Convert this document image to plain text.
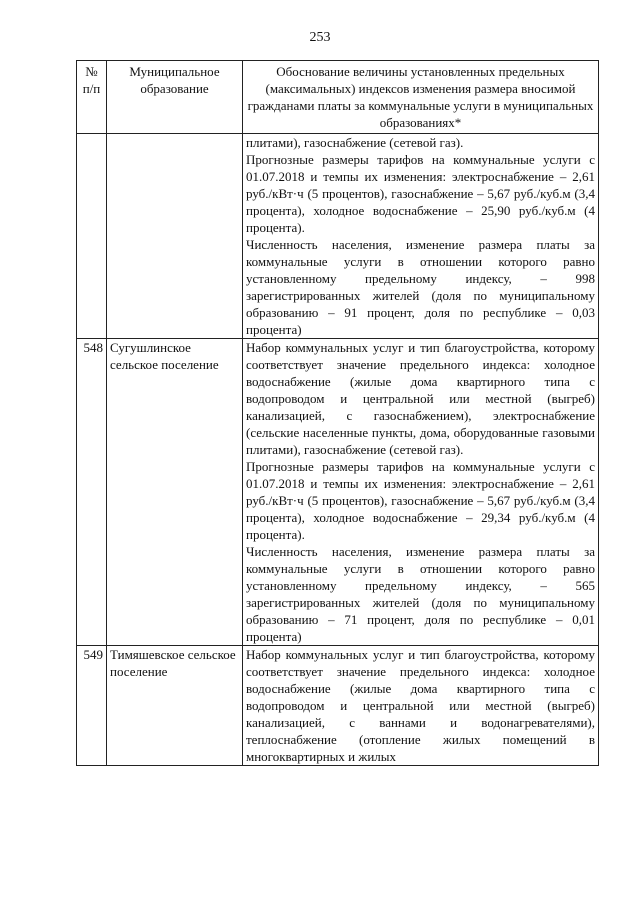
253
№ п/п	Муниципальное образование	Обоснование величины установленных предельных (максимальных) индексов изменения размера вносимой гражданами платы за коммунальные услуги в муниципальных образованиях*

		плитами), газоснабжение (сетевой газ).
Прогнозные размеры тарифов на коммунальные услуги с 01.07.2018 и темпы их изменения: электроснабжение – 2,61 руб./кВт·ч (5 процентов), газоснабжение – 5,67 руб./куб.м (3,4 процента), холодное водоснабжение – 25,90 руб./куб.м (4 процента).
Численность населения, изменение размера платы за коммунальные услуги в отношении которого равно установленному предельному индексу, – 998 зарегистрированных жителей (доля по муниципальному образованию – 91 процент, доля по республике – 0,03 процента)

548	Сугушлинское сельское поселение	Набор коммунальных услуг и тип благоустройства, которому соответствует значение предельного индекса: холодное водоснабжение (жилые дома квартирного типа с водопроводом и центральной или местной (выгреб) канализацией, с газоснабжением), электроснабжение (сельские населенные пункты, дома, оборудованные газовыми плитами), газоснабжение (сетевой газ).
Прогнозные размеры тарифов на коммунальные услуги с 01.07.2018 и темпы их изменения: электроснабжение – 2,61 руб./кВт·ч (5 процентов), газоснабжение – 5,67 руб./куб.м (3,4 процента), холодное водоснабжение – 29,34 руб./куб.м (4 процента).
Численность населения, изменение размера платы за коммунальные услуги в отношении которого равно установленному предельному индексу, – 565 зарегистрированных жителей (доля по муниципальному образованию – 71 процент, доля по республике – 0,01 процента)

549	Тимяшевское сельское поселение	Набор коммунальных услуг и тип благоустройства, которому соответствует значение предельного индекса: холодное водоснабжение (жилые дома квартирного типа с водопроводом и центральной или местной (выгреб) канализацией, с ваннами и водонагревателями), теплоснабжение (отопление жилых помещений в многоквартирных и жилых
